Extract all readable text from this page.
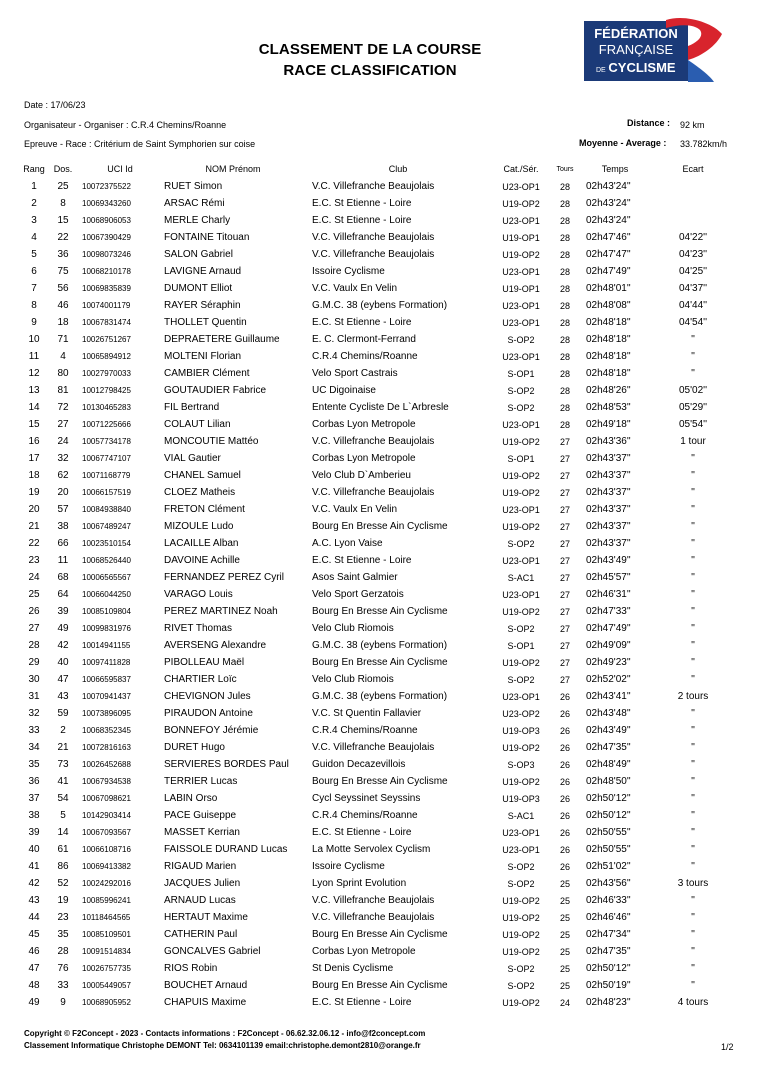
CLASSEMENT DE LA COURSE
RACE CLASSIFICATION
FÉDÉRATION
FRANÇAISE
DE CYCLISME
Date : 17/06/23
Organisateur - Organiser : C.R.4 Chemins/Roanne
Epreuve - Race : Critérium de Saint Symphorien sur coise
Distance : 92 km
Moyenne - Average : 33.782km/h
Rang	Dos.	UCI Id	NOM Prénom	Club	Cat./Sér.	Tours	Temps	Ecart
1	25	10072375522	RUET Simon	V.C. Villefranche Beaujolais	U23-OP1	28	02h43'24''	
2	8	10069343260	ARSAC Rémi	E.C. St Etienne - Loire	U19-OP2	28	02h43'24''	
3	15	10068906053	MERLE Charly	E.C. St Etienne - Loire	U23-OP1	28	02h43'24''	
4	22	10067390429	FONTAINE Titouan	V.C. Villefranche Beaujolais	U19-OP1	28	02h47'46''	04'22''
5	36	10098073246	SALON Gabriel	V.C. Villefranche Beaujolais	U19-OP2	28	02h47'47''	04'23''
6	75	10068210178	LAVIGNE Arnaud	Issoire Cyclisme	U23-OP1	28	02h47'49''	04'25''
7	56	10069835839	DUMONT Elliot	V.C. Vaulx En Velin	U19-OP1	28	02h48'01''	04'37''
8	46	10074001179	RAYER Séraphin	G.M.C. 38 (eybens Formation)	U23-OP1	28	02h48'08''	04'44''
9	18	10067831474	THOLLET Quentin	E.C. St Etienne - Loire	U23-OP1	28	02h48'18''	04'54''
10	71	10026751267	DEPRAETERE Guillaume	E. C. Clermont-Ferrand	S-OP2	28	02h48'18''	''
11	4	10065894912	MOLTENI Florian	C.R.4 Chemins/Roanne	U23-OP1	28	02h48'18''	''
12	80	10027970033	CAMBIER Clément	Velo Sport Castrais	S-OP1	28	02h48'18''	''
13	81	10012798425	GOUTAUDIER Fabrice	UC Digoinaise	S-OP2	28	02h48'26''	05'02''
14	72	10130465283	FIL Bertrand	Entente Cycliste De L`Arbresle	S-OP2	28	02h48'53''	05'29''
15	27	10071225666	COLAUT Lilian	Corbas Lyon Metropole	U23-OP1	28	02h49'18''	05'54''
16	24	10057734178	MONCOUTIE Mattéo	V.C. Villefranche Beaujolais	U19-OP2	27	02h43'36''	1 tour
17	32	10067747107	VIAL Gautier	Corbas Lyon Metropole	S-OP1	27	02h43'37''	''
18	62	10071168779	CHANEL Samuel	Velo Club D`Amberieu	U19-OP2	27	02h43'37''	''
19	20	10066157519	CLOEZ Matheis	V.C. Villefranche Beaujolais	U19-OP2	27	02h43'37''	''
20	57	10084938840	FRETON Clément	V.C. Vaulx En Velin	U23-OP1	27	02h43'37''	''
21	38	10067489247	MIZOULE Ludo	Bourg En Bresse Ain Cyclisme	U19-OP2	27	02h43'37''	''
22	66	10023510154	LACAILLE Alban	A.C. Lyon Vaise	S-OP2	27	02h43'37''	''
23	11	10068526440	DAVOINE Achille	E.C. St Etienne - Loire	U23-OP1	27	02h43'49''	''
24	68	10006565567	FERNANDEZ PEREZ Cyril	Asos Saint Galmier	S-AC1	27	02h45'57''	''
25	64	10066044250	VARAGO Louis	Velo Sport Gerzatois	U23-OP1	27	02h46'31''	''
26	39	10085109804	PEREZ MARTINEZ Noah	Bourg En Bresse Ain Cyclisme	U19-OP2	27	02h47'33''	''
27	49	10099831976	RIVET Thomas	Velo Club Riomois	S-OP2	27	02h47'49''	''
28	42	10014941155	AVERSENG Alexandre	G.M.C. 38 (eybens Formation)	S-OP1	27	02h49'09''	''
29	40	10097411828	PIBOLLEAU Maël	Bourg En Bresse Ain Cyclisme	U19-OP2	27	02h49'23''	''
30	47	10066595837	CHARTIER Loïc	Velo Club Riomois	S-OP2	27	02h52'02''	''
31	43	10070941437	CHEVIGNON Jules	G.M.C. 38 (eybens Formation)	U23-OP1	26	02h43'41''	2 tours
32	59	10073896095	PIRAUDON Antoine	V.C. St Quentin Fallavier	U23-OP2	26	02h43'48''	''
33	2	10068352345	BONNEFOY Jérémie	C.R.4 Chemins/Roanne	U19-OP3	26	02h43'49''	''
34	21	10072816163	DURET Hugo	V.C. Villefranche Beaujolais	U19-OP2	26	02h47'35''	''
35	73	10026452688	SERVIERES BORDES Paul	Guidon Decazevillois	S-OP3	26	02h48'49''	''
36	41	10067934538	TERRIER Lucas	Bourg En Bresse Ain Cyclisme	U19-OP2	26	02h48'50''	''
37	54	10067098621	LABIN Orso	Cycl Seyssinet Seyssins	U19-OP3	26	02h50'12''	''
38	5	10142903414	PACE Guiseppe	C.R.4 Chemins/Roanne	S-AC1	26	02h50'12''	''
39	14	10067093567	MASSET Kerrian	E.C. St Etienne - Loire	U23-OP1	26	02h50'55''	''
40	61	10066108716	FAISSOLE DURAND Lucas	La Motte Servolex Cyclism	U23-OP1	26	02h50'55''	''
41	86	10069413382	RIGAUD Marien	Issoire Cyclisme	S-OP2	26	02h51'02''	''
42	52	10024292016	JACQUES Julien	Lyon Sprint Evolution	S-OP2	25	02h43'56''	3 tours
43	19	10085996241	ARNAUD Lucas	V.C. Villefranche Beaujolais	U19-OP2	25	02h46'33''	''
44	23	10118464565	HERTAUT Maxime	V.C. Villefranche Beaujolais	U19-OP2	25	02h46'46''	''
45	35	10085109501	CATHERIN Paul	Bourg En Bresse Ain Cyclisme	U19-OP2	25	02h47'34''	''
46	28	10091514834	GONCALVES Gabriel	Corbas Lyon Metropole	U19-OP2	25	02h47'35''	''
47	76	10026757735	RIOS Robin	St Denis Cyclisme	S-OP2	25	02h50'12''	''
48	33	10005449057	BOUCHET Arnaud	Bourg En Bresse Ain Cyclisme	S-OP2	25	02h50'19''	''
49	9	10068905952	CHAPUIS Maxime	E.C. St Etienne - Loire	U19-OP2	24	02h48'23''	4 tours
Copyright © F2Concept - 2023 - Contacts informations : F2Concept - 06.62.32.06.12 - info@f2concept.com
Classement Informatique Christophe DEMONT Tel: 0634101139 email:christophe.demont2810@orange.fr	1/2
